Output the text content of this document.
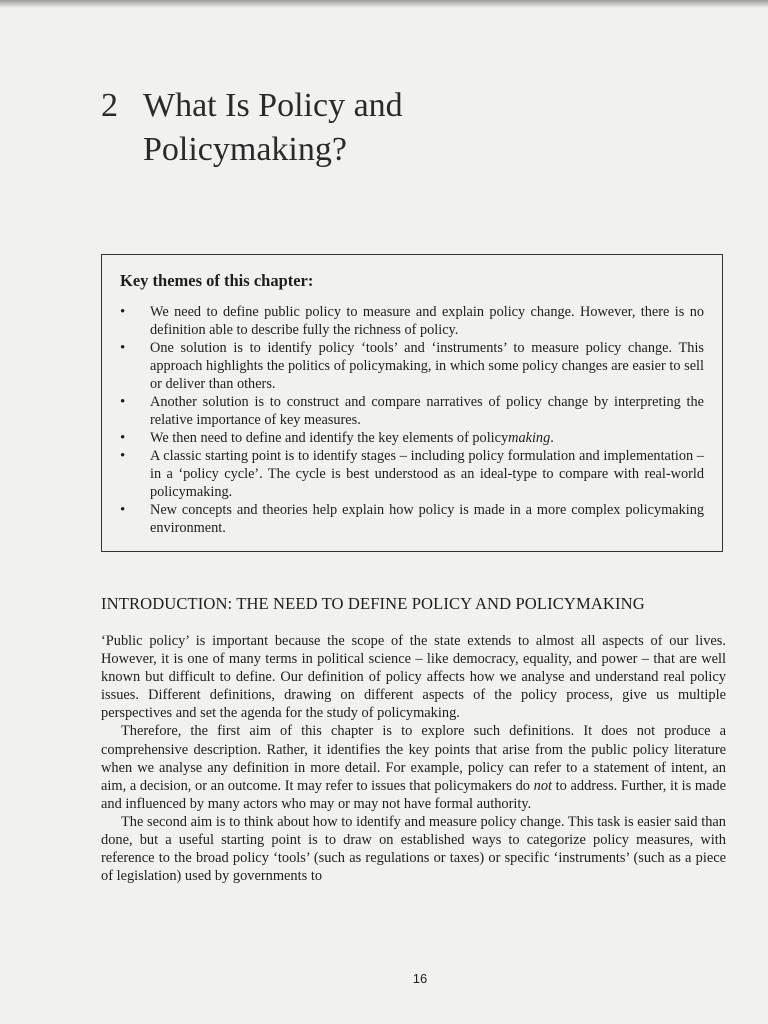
2 What Is Policy and
Policymaking?
Key themes of this chapter:
• We need to define public policy to measure and explain policy change. However, there is no definition able to describe fully the richness of policy.
• One solution is to identify policy ‘tools’ and ‘instruments’ to measure policy change. This approach highlights the politics of policymaking, in which some policy changes are easier to sell or deliver than others.
• Another solution is to construct and compare narratives of policy change by interpreting the relative importance of key measures.
• We then need to define and identify the key elements of policymaking.
• A classic starting point is to identify stages – including policy formulation and implementation – in a ‘policy cycle’. The cycle is best understood as an ideal-type to compare with real-world policymaking.
• New concepts and theories help explain how policy is made in a more complex policymaking environment.
INTRODUCTION: THE NEED TO DEFINE POLICY AND POLICYMAKING

‘Public policy’ is important because the scope of the state extends to almost all aspects of our lives. However, it is one of many terms in political science – like democracy, equality, and power – that are well known but difficult to define. Our definition of policy affects how we analyse and understand real policy issues. Different definitions, drawing on different aspects of the policy process, give us multiple perspectives and set the agenda for the study of policymaking.

Therefore, the first aim of this chapter is to explore such definitions. It does not produce a comprehensive description. Rather, it identifies the key points that arise from the public policy literature when we analyse any definition in more detail. For example, policy can refer to a statement of intent, an aim, a decision, or an outcome. It may refer to issues that policymakers do not to address. Further, it is made and influenced by many actors who may or may not have formal authority.

The second aim is to think about how to identify and measure policy change. This task is easier said than done, but a useful starting point is to draw on established ways to categorize policy measures, with reference to the broad policy ‘tools’ (such as regulations or taxes) or specific ‘instruments’ (such as a piece of legislation) used by governments to

16
